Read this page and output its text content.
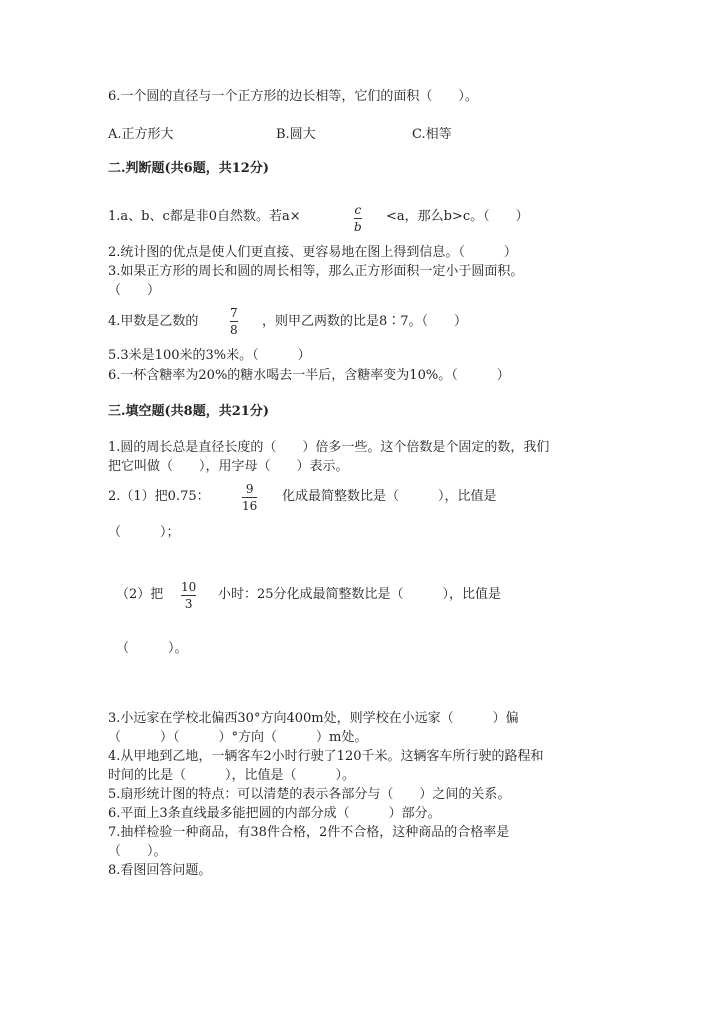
6.一个圆的直径与一个正方形的边长相等，它们的面积（　　）。
A.正方形大	B.圆大	C.相等
二.判断题(共6题，共12分)
1.a、b、c都是非0自然数。若a×	c
b
<a，那么b>c。（　　）
2.统计图的优点是使人们更直接、更容易地在图上得到信息。（　　　）
3.如果正方形的周长和圆的周长相等，那么正方形面积一定小于圆面积。
（　　）
4.甲数是乙数的
7
8
，则甲乙两数的比是8∶7。（　　）
5.3米是100米的3%米。（　　　）
6.一杯含糖率为20%的糖水喝去一半后，含糖率变为10%。（　　　）
三.填空题(共8题，共21分)
1.圆的周长总是直径长度的（　　）倍多一些。这个倍数是个固定的数，我们
把它叫做（　　），用字母（　　）表示。
2.（1）把0.75：	9
16
化成最简整数比是（　　　），比值是
（　　　）；
（2）把 10
3
小时：25分化成最简整数比是（　　　），比值是
（　　　）。
3.小远家在学校北偏西30°方向400m处，则学校在小远家（　　　）偏
（　　　）（　　　）°方向（　　　）m处。
4.从甲地到乙地，一辆客车2小时行驶了120千米。这辆客车所行驶的路程和
时间的比是（　　　），比值是（　　　）。
5.扇形统计图的特点：可以清楚的表示各部分与（　　）之间的关系。
6.平面上3条直线最多能把圆的内部分成（　　　）部分。
7.抽样检验一种商品，有38件合格，2件不合格，这种商品的合格率是
（　　）。
8.看图回答问题。
